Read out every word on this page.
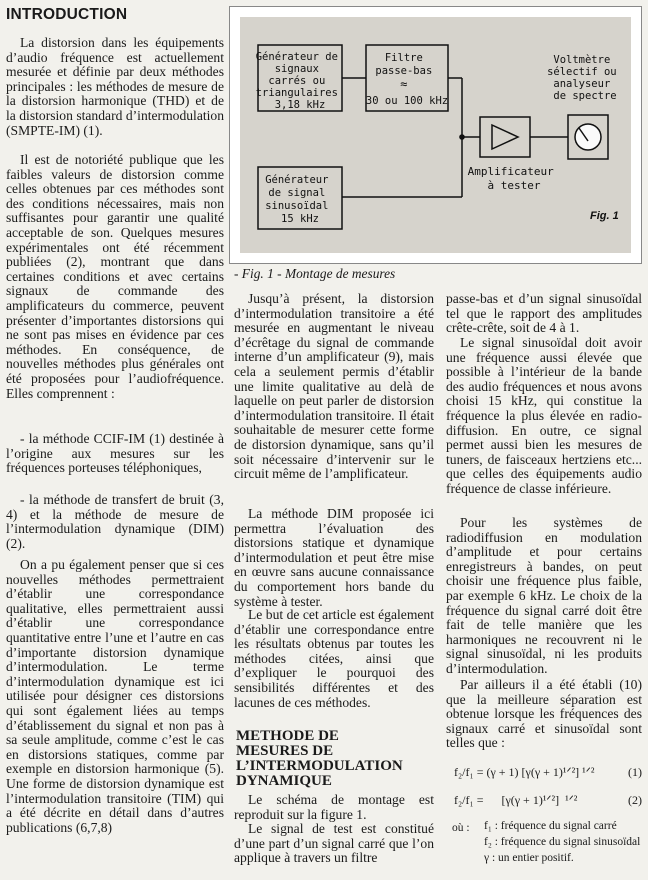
INTRODUCTION

La distorsion dans les équipements d’audio fréquence est actuellement mesurée et définie par deux méthodes principales : les méthodes de mesure de la distorsion harmonique (THD) et de la distorsion standard d’intermodulation (SMPTE-IM) (1).

Il est de notoriété publique que les faibles valeurs de distorsion comme celles obtenues par ces méthodes sont des conditions nécessaires, mais non suffisantes pour garantir une qualité acceptable de son. Quelques mesures expérimentales ont été récemment publiées (2), montrant que dans certaines conditions et avec certains signaux de commande des amplificateurs du commerce, peuvent présenter d’importantes distorsions qui ne sont pas mises en évidence par ces méthodes. En conséquence, de nouvelles méthodes plus générales ont été proposées pour l’audiofréquence. Elles comprennent :

- la méthode CCIF-IM (1) destinée à l’origine aux mesures sur les fréquences porteuses téléphoniques,

- la méthode de transfert de bruit (3, 4) et la méthode de mesure de l’intermodulation dynamique (DIM) (2).

On a pu également penser que si ces nouvelles méthodes permettraient d’établir une correspondance qualitative, elles permettraient aussi d’établir une correspondance quantitative entre l’une et l’autre en cas d’importante distorsion dynamique d’intermodulation. Le terme d’intermodulation dynamique est ici utilisée pour désigner ces distorsions qui sont également liées au temps d’établissement du signal et non pas à sa seule amplitude, comme c’est le cas en distorsions statiques, comme par exemple en distorsion harmonique (5). Une forme de distorsion dynamique est l’intermodulation transitoire (TIM) qui a été décrite en détail dans d’autres publications (6,7,8)

Générateur de signaux carrés ou triangulaires 3,18 kHz
Filtre passe-bas ≈ 30 ou 100 kHz
Voltmètre sélectif ou analyseur de spectre
Générateur de signal sinusoïdal 15 kHz
Amplificateur à tester
Fig. 1

- Fig. 1 - Montage de mesures

Jusqu’à présent, la distorsion d’intermodulation transitoire a été mesurée en augmentant le niveau d’écrêtage du signal de commande interne d’un amplificateur (9), mais cela a seulement permis d’établir une limite qualitative au delà de laquelle on peut parler de distorsion d’intermodulation transitoire. Il était souhaitable de mesurer cette forme de distorsion dynamique, sans qu’il soit nécessaire d’intervenir sur le circuit même de l’amplificateur.

La méthode DIM proposée ici permettra l’évaluation des distorsions statique et dynamique d’intermodulation et peut être mise en œuvre sans aucune connaissance du comportement hors bande du système à tester.

Le but de cet article est également d’établir une correspondance entre les résultats obtenus par toutes les méthodes citées, ainsi que d’expliquer le pourquoi des sensibilités différentes et des lacunes de ces méthodes.

METHODE DE
MESURES DE
L’INTERMODULATION
DYNAMIQUE

Le schéma de montage est reproduit sur la figure 1.

Le signal de test est constitué d’une part d’un signal carré que l’on applique à travers un filtre

passe-bas et d’un signal sinusoïdal tel que le rapport des amplitudes crête-crête, soit de 4 à 1.

Le signal sinusoïdal doit avoir une fréquence aussi élevée que possible à l’intérieur de la bande des audio fréquences et nous avons choisi 15 kHz, qui constitue la fréquence la plus élevée en radio-diffusion. En outre, ce signal permet aussi bien les mesures de tuners, de faisceaux hertziens etc... que celles des équipements audio fréquence de classe inférieure.

Pour les systèmes de radiodiffusion en modulation d’amplitude et pour certains enregistreurs à bandes, on peut choisir une fréquence plus faible, par exemple 6 kHz. Le choix de la fréquence du signal carré doit être fait de telle manière que les harmoniques ne recouvrent ni le signal sinusoïdal, ni les produits d’intermodulation.

Par ailleurs il a été établi (10) que la meilleure séparation est obtenue lorsque les fréquences des signaux carré et sinusoïdal sont telles que :

f₂/f₁ = (γ + 1) [γ(γ + 1)¹ᐟ²] ¹ᐟ²	(1)
f₂/f₁ =      [γ(γ + 1)¹ᐟ²]  ¹ᐟ²	(2)
où : f₁ : fréquence du signal carré
f₂ : fréquence du signal sinusoïdal
γ : un entier positif.
